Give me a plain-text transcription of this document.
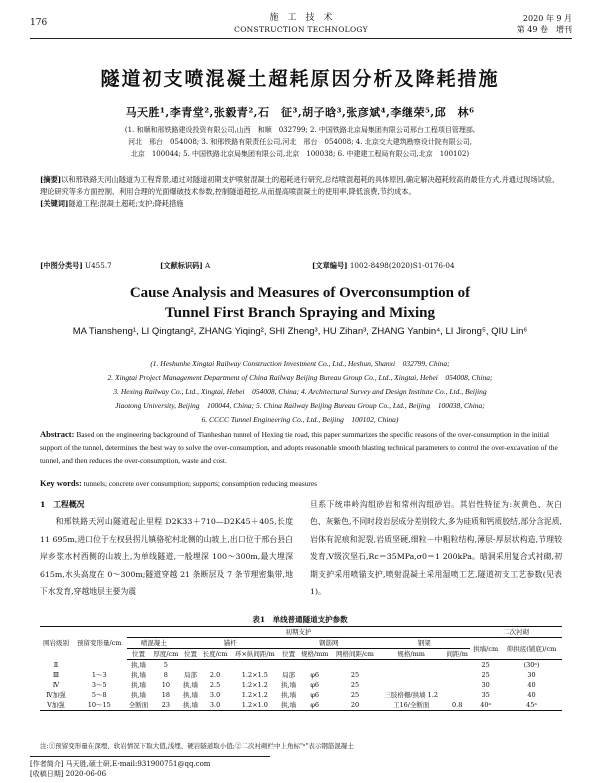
176	施　工　技　术
CONSTRUCTION TECHNOLOGY
2020 年 9 月
第 49 卷　增刊
隧道初支喷混凝土超耗原因分析及降耗措施
马天胜¹,李青堂²,张毅青²,石　征³,胡子晗³,张彦斌⁴,李继荣⁵,邱　林⁶
(1. 和顺和邢铁路建设投资有限公司,山西　和顺　032799; 2. 中国铁路北京局集团有限公司邢台工程项目管理部,
河北　邢台　054008; 3. 和邢铁路有限责任公司,河北　邢台　054008; 4. 北京交大建筑勘察设计院有限公司,
北京　100044; 5. 中国铁路北京局集团有限公司,北京　100038; 6. 中建建工程局有限公司,北京　100102)
[摘要]以和邢铁路天河山隧道为工程背景,通过对隧道初期支护喷射混凝土的超耗进行研究,总结喷混超耗的具体原因,确定解决超耗较高的最佳方式,并通过现场试验、理论研究等多方面控制、利用合理的光面爆破技术参数,控制隧道超挖,从而提高喷混凝土的使用率,降低浪费,节约成本。
[关键词]隧道工程;混凝土超耗;支护;降耗措施
[中图分类号] U455.7	[文献标识码] A	[文章编号] 1002-8498(2020)S1-0176-04
Cause Analysis and Measures of Overconsumption of Tunnel First Branch Spraying and Mixing
MA Tiansheng¹, LI Qingtang², ZHANG Yiqing², SHI Zheng³, HU Zihan³, ZHANG Yanbin⁴, LI Jirong⁵, QIU Lin⁶
(1. Heshunhe Xingtai Railway Construction Investment Co., Ltd., Heshun, Shanxi　032799, China;
2. Xingtai Project Management Department of China Railway Beijing Bureau Group Co., Ltd., Xingtai, Hebei　054008, China;
3. Hexing Railway Co., Ltd., Xingtai, Hebei　054008, China; 4. Architectural Survey and Design Institute Co., Ltd., Beijing
Jiaotong University, Beijing　100044, China; 5. China Railway Beijing Bureau Group Co., Ltd., Beijing　100038, China;
6. CCCC Tunnel Engineering Co., Ltd., Beijing　100102, China)
Abstract: Based on the engineering background of Tianheshan tunnel of Hexing tie road, this paper summarizes the specific reasons of the over-consumption in the initial support of the tunnel, determines the best way to solve the over-consumption, and adopts reasonable smooth blasting technical parameters to control the over-excavation of the tunnel, and then reduces the over-consumption, waste and cost.
Key words: tunnels; concrete over consumption; supports; consumption reducing measures
1　工程概况

和邢铁路天河山隧道起止里程 D2K33＋710—D2K45＋405,长度 11 695m,进口位于左权县拐儿镇骆驼村北侧的山坡上,出口位于邢台县白岸乡浆水村西侧的山坡上,为单线隧道,一般埋深 100～300m,最大埋深 615m,水头高度在 0～300m;隧道穿越 21 条断层及 7 条节理密集带,地下水发育,穿越地层主要为震

旦系下统串岭沟组砂岩和常州沟组砂岩。其岩性特征为:灰黄色、灰白色、灰紫色,不同时段岩层成分差别较大,多为硅质和钙质胶结,部分含泥质,岩体有泥痕和泥裂,岩质坚硬,细粒－中粗粒结构,薄层-厚层状构造,节理较发育,V级次坚石,Rc＝35MPa,σ0＝1 200kPa。暗洞采用复合式衬砌,初期支护采用喷锚支护,喷射混凝土采用湿喷工艺,隧道初支工艺参数(见表1)。

表1　单线普通隧道支护参数
围岩级别	预留变形量/cm	初期支护										二次衬砌	
		喷混凝土		锚杆			钢筋网			钢架		拱墙/cm	仰拱底(铺底)/cm
		位置	厚度/cm	位置	长度/cm	环×纵间距/m	位置	规格/mm	网格间距/cm	规格/mm	间距/m		
Ⅱ		拱,墙	5									25	(30ᵃ)
Ⅲ	1～3	拱,墙	8	局部	2.0	1.2×1.5	局部	φ6	25			25	30
Ⅳ	3～5	拱,墙	10	拱,墙	2.5	1.2×1.2	拱,墙	φ6	25			30	40
Ⅳ加强	5～8	拱,墙	18	拱,墙	3.0	1.2×1.2	拱,墙	φ6	25	三肢格栅/拱墙 1.2		35	40
Ⅴ加强	10～15	全断面	23	拱,墙	3.0	1.2×1.0	拱,墙	φ6	20	工16/全断面	0.8	40ᵃ	45ᵃ
注:①预留变形量在深埋、软岩情况下取大值,浅埋、硬岩隧道取小值;②二次衬砌栏中上角标"ᵃ"表示钢筋混凝土
[作者简介] 马天胜,硕士研,E-mail:931900751@qq.com
[收稿日期] 2020-06-06
